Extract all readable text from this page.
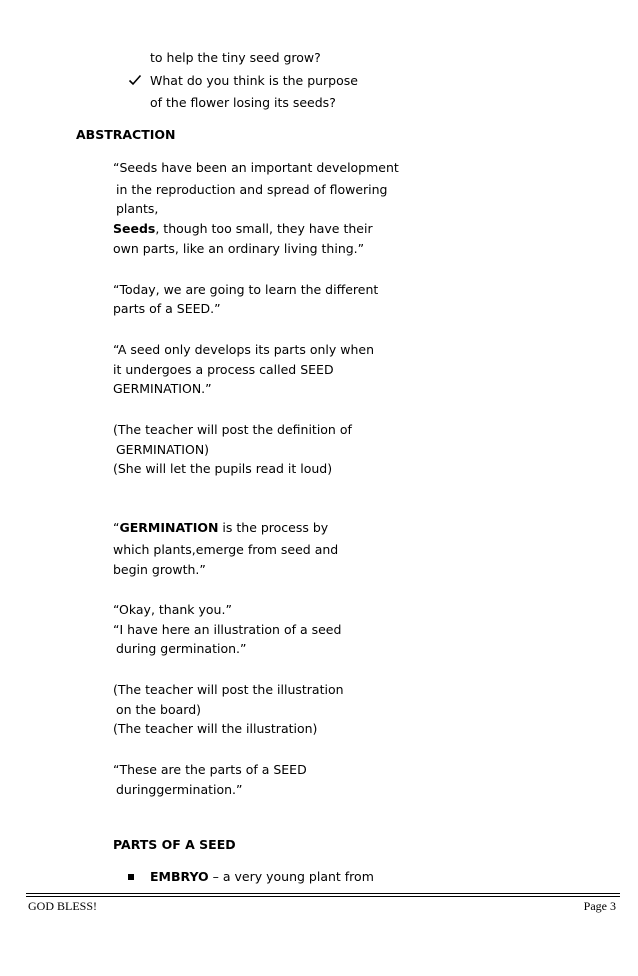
to help the tiny seed grow?
What do you think is the purpose
of the flower losing its seeds?
ABSTRACTION
“Seeds have been an important development
in the reproduction and spread of flowering
plants,
Seeds, though too small, they have their
own parts, like an ordinary living thing.”
“Today, we are going to learn the different
parts of a SEED.”
“A seed only develops its parts only when
it undergoes a process called SEED
GERMINATION.”
(The teacher will post the definition of
GERMINATION)
(She will let the pupils read it loud)
“GERMINATION is the process by
which plants,emerge from seed and
begin growth.”
“Okay, thank you.”
“I have here an illustration of a seed
during germination.”
(The teacher will post the illustration
on the board)
(The teacher will the illustration)
“These are the parts of a SEED
duringgermination.”
PARTS OF A SEED
EMBRYO – a very young plant from
GOD BLESS!	Page 3
